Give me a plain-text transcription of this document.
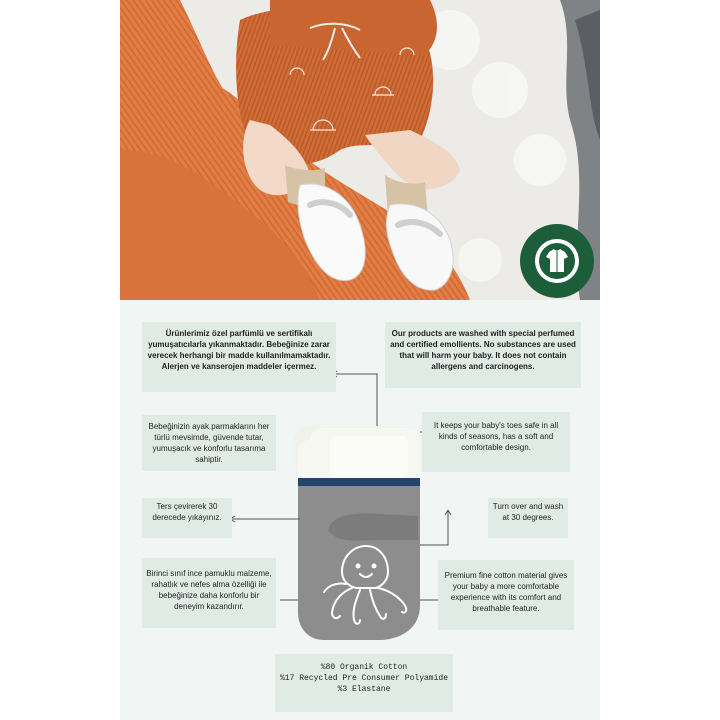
Ürünlerimiz özel parfümlü ve sertifikalı yumuşatıcılarla yıkanmaktadır. Bebeğinize zarar verecek herhangi bir madde kullanılmamaktadır. Alerjen ve kanserojen maddeler içermez.
Our products are washed with special perfumed and certified emollients. No substances are used that will harm your baby. It does not contain allergens and carcinogens.
Bebeğinizin ayak parmaklarını her türlü mevsimde, güvende tutar, yumuşacık ve konforlu tasarıma sahiptir.
It keeps your baby's toes safe in all kinds of seasons, has a soft and comfortable design.
Ters çevirerek 30 derecede yıkayınız.
Turn over and wash at 30 degrees.
Birinci sınıf ince pamuklu malzeme, rahatlık ve nefes alma özelliği ile bebeğinize daha konforlu bir deneyim kazandırır.
Premium fine cotton material gives your baby a more comfortable experience with its comfort and breathable feature.
%80 Organik Cotton
%17 Recycled Pre Consumer Polyamide
%3 Elastane
